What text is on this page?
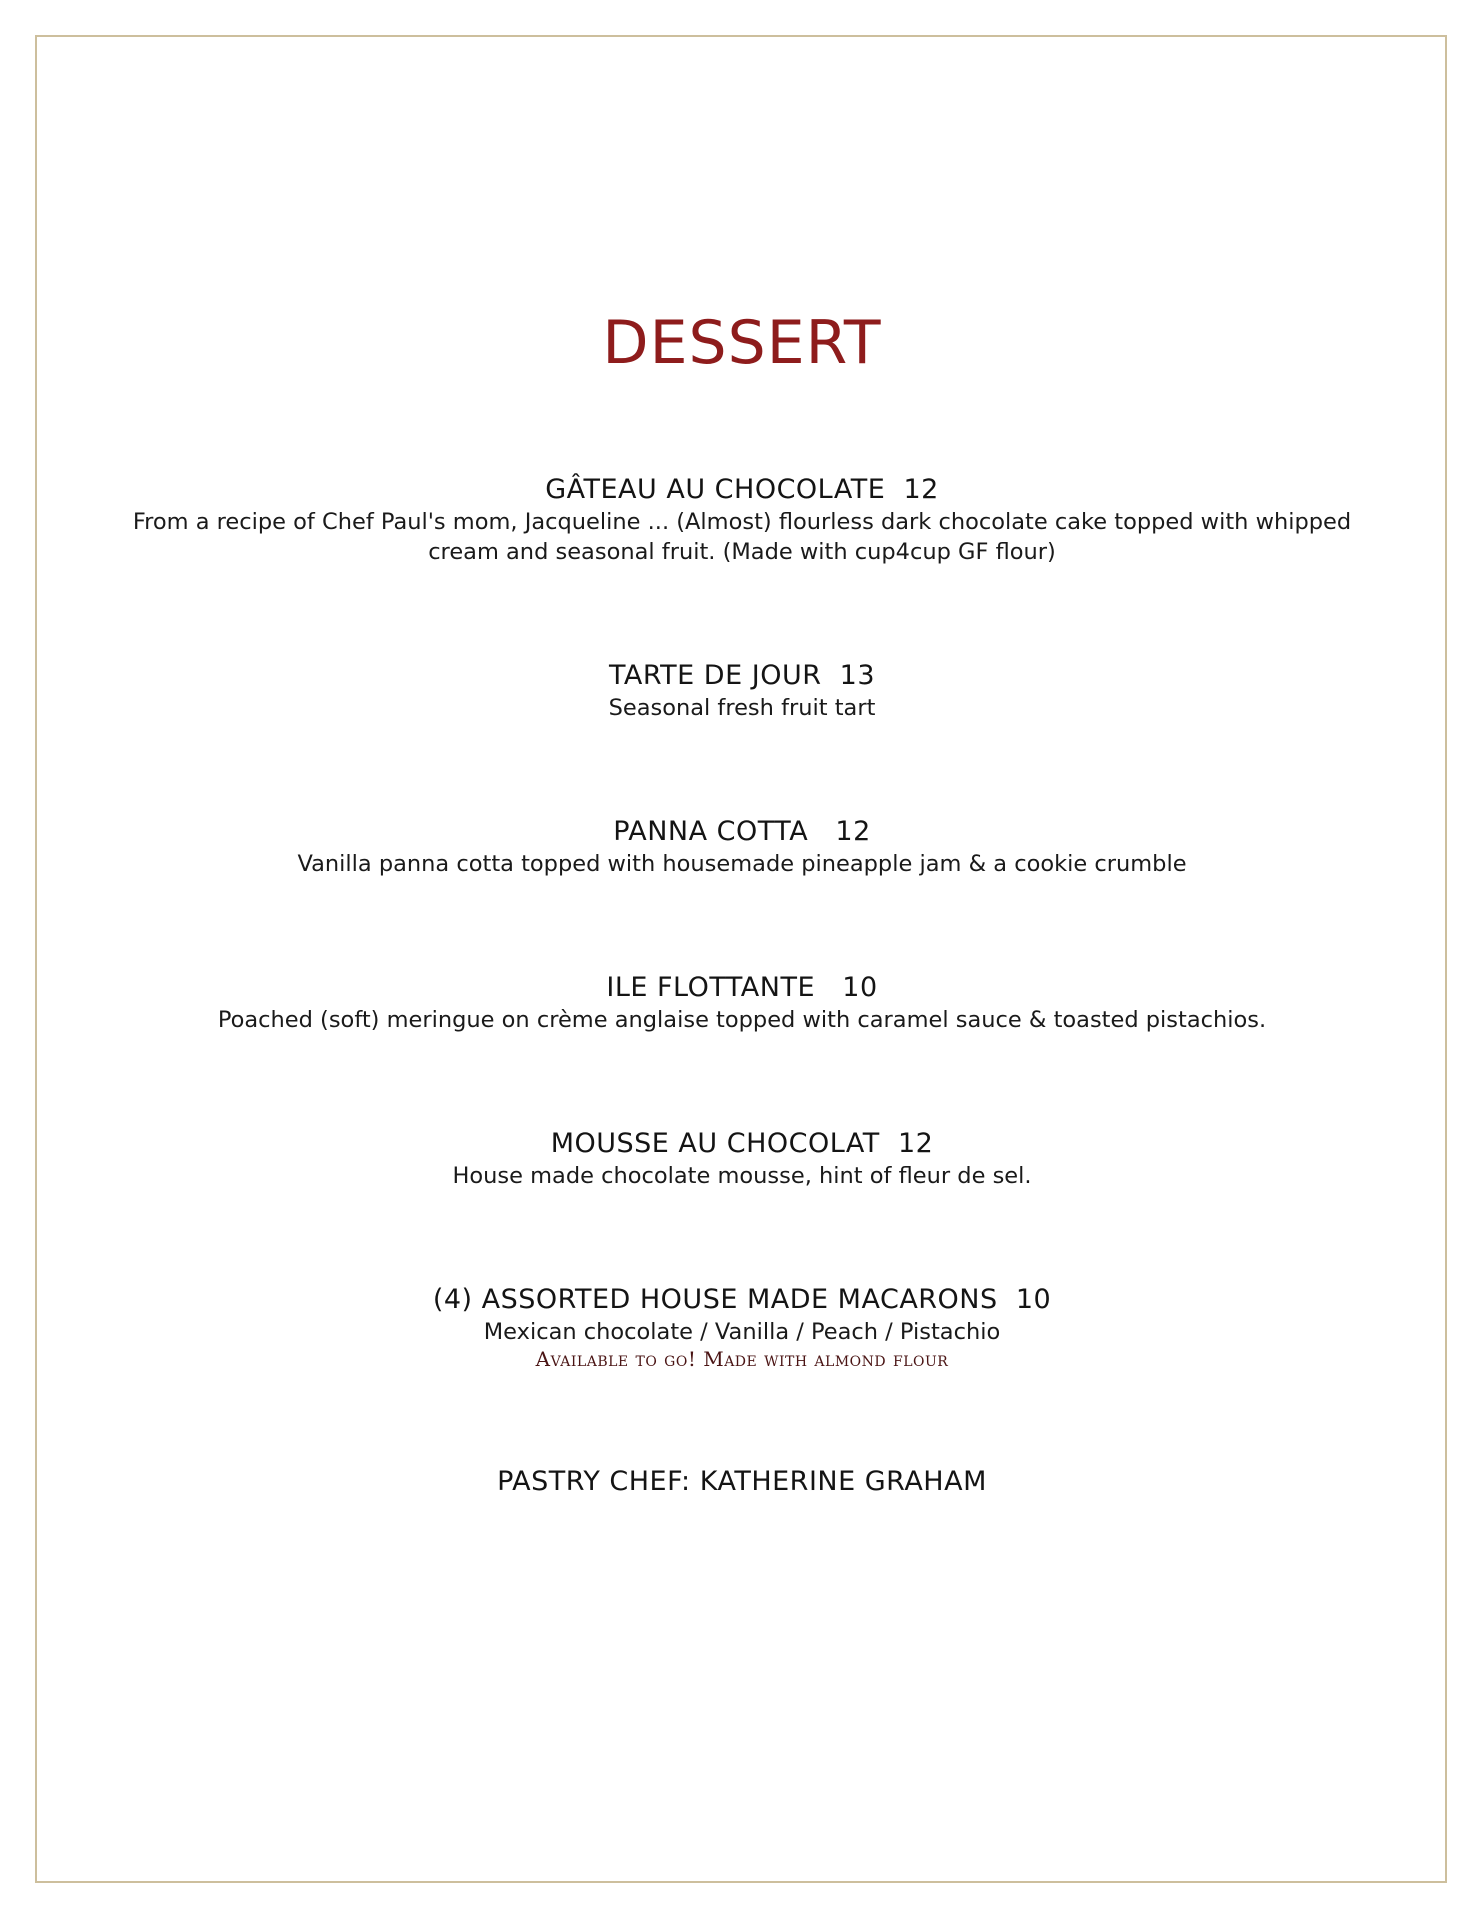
DESSERT
GÂTEAU AU CHOCOLATE 12
From a recipe of Chef Paul's mom, Jacqueline ... (Almost) flourless dark chocolate cake topped with whipped cream and seasonal fruit. (Made with cup4cup GF flour)
TARTE DE JOUR 13
Seasonal fresh fruit tart
PANNA COTTA 12
Vanilla panna cotta topped with housemade pineapple jam & a cookie crumble
ILE FLOTTANTE 10
Poached (soft) meringue on crème anglaise topped with caramel sauce & toasted pistachios.
MOUSSE AU CHOCOLAT 12
House made chocolate mousse, hint of fleur de sel.
(4) ASSORTED HOUSE MADE MACARONS 10
Mexican chocolate / Vanilla / Peach / Pistachio
Available to go! Made with almond flour
PASTRY CHEF: KATHERINE GRAHAM
